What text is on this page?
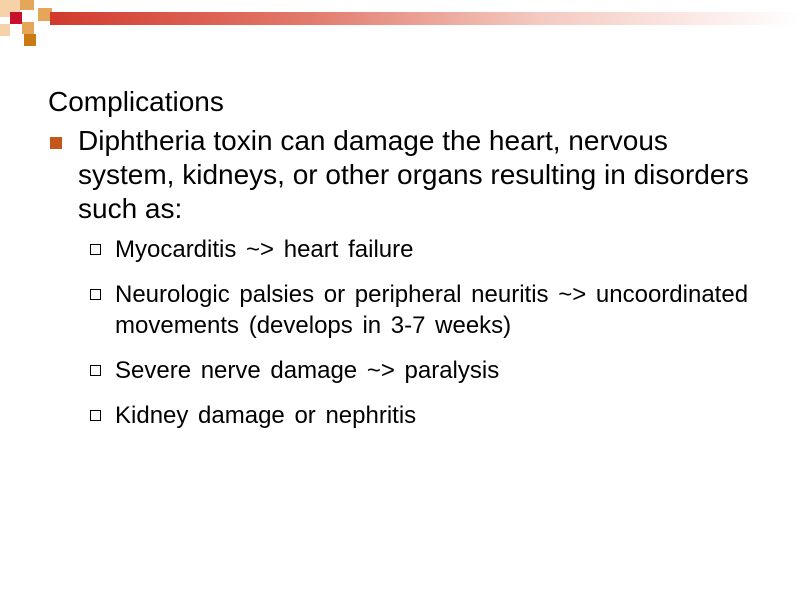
Complications
Diphtheria toxin can damage the heart, nervous system, kidneys, or other organs resulting in disorders such as:
Myocarditis ~> heart failure
Neurologic palsies or peripheral neuritis ~> uncoordinated movements (develops in 3-7 weeks)
Severe nerve damage ~> paralysis
Kidney damage or nephritis
